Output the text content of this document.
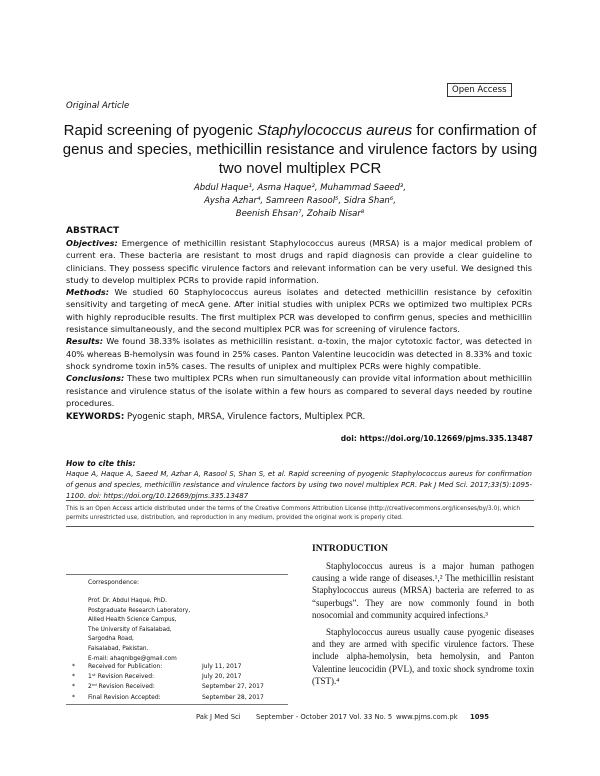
Open Access
Original Article
Rapid screening of pyogenic Staphylococcus aureus for confirmation of genus and species, methicillin resistance and virulence factors by using two novel multiplex PCR
Abdul Haque¹, Asma Haque², Muhammad Saeed³,
Aysha Azhar⁴, Samreen Rasool⁵, Sidra Shan⁶,
Beenish Ehsan⁷, Zohaib Nisar⁸
ABSTRACT

Objectives: Emergence of methicillin resistant Staphylococcus aureus (MRSA) is a major medical problem of current era. These bacteria are resistant to most drugs and rapid diagnosis can provide a clear guideline to clinicians. They possess specific virulence factors and relevant information can be very useful. We designed this study to develop multiplex PCRs to provide rapid information.

Methods: We studied 60 Staphylococcus aureus isolates and detected methicillin resistance by cefoxitin sensitivity and targeting of mecA gene. After initial studies with uniplex PCRs we optimized two multiplex PCRs with highly reproducible results. The first multiplex PCR was developed to confirm genus, species and methicillin resistance simultaneously, and the second multiplex PCR was for screening of virulence factors.

Results: We found 38.33% isolates as methicillin resistant. α-toxin, the major cytotoxic factor, was detected in 40% whereas B-hemolysin was found in 25% cases. Panton Valentine leucocidin was detected in 8.33% and toxic shock syndrome toxin in5% cases. The results of uniplex and multiplex PCRs were highly compatible.

Conclusions: These two multiplex PCRs when run simultaneously can provide vital information about methicillin resistance and virulence status of the isolate within a few hours as compared to several days needed by routine procedures.

KEYWORDS: Pyogenic staph, MRSA, Virulence factors, Multiplex PCR.
doi: https://doi.org/10.12669/pjms.335.13487
How to cite this:
Haque A, Haque A, Saeed M, Azhar A, Rasool S, Shan S, et al. Rapid screening of pyogenic Staphylococcus aureus for confirmation of genus and species, methicillin resistance and virulence factors by using two novel multiplex PCR. Pak J Med Sci. 2017;33(5):1095-1100. doi: https://doi.org/10.12669/pjms.335.13487
This is an Open Access article distributed under the terms of the Creative Commons Attribution License (http://creativecommons.org/licenses/by/3.0), which permits unrestricted use, distribution, and reproduction in any medium, provided the original work is properly cited.
INTRODUCTION

Staphylococcus aureus is a major human pathogen causing a wide range of diseases.¹,² The methicillin resistant Staphylococcus aureus (MRSA) bacteria are referred to as “superbugs”. They are now commonly found in both nosocomial and community acquired infections.³

Staphylococcus aureus usually cause pyogenic diseases and they are armed with specific virulence factors. These include alpha-hemolysin, beta hemolysin, and Panton Valentine leucocidin (PVL), and toxic shock syndrome toxin (TST).⁴

Correspondence:
Prof. Dr. Abdul Haque, PhD.
Postgraduate Research Laboratory,
Allied Health Science Campus,
The University of Faisalabad,
Sargodha Road,
Faisalabad, Pakistan.
E-mail: ahaqnibge@gmail.com
*	Received for Publication:	July 11, 2017
*	1ˢᵗ Revision Received:	July 20, 2017
*	2ⁿᵈ Revision Received:	September 27, 2017
*	Final Revision Accepted:	September 28, 2017
Pak J Med Sci September - October 2017 Vol. 33 No. 5 www.pjms.com.pk 1095
